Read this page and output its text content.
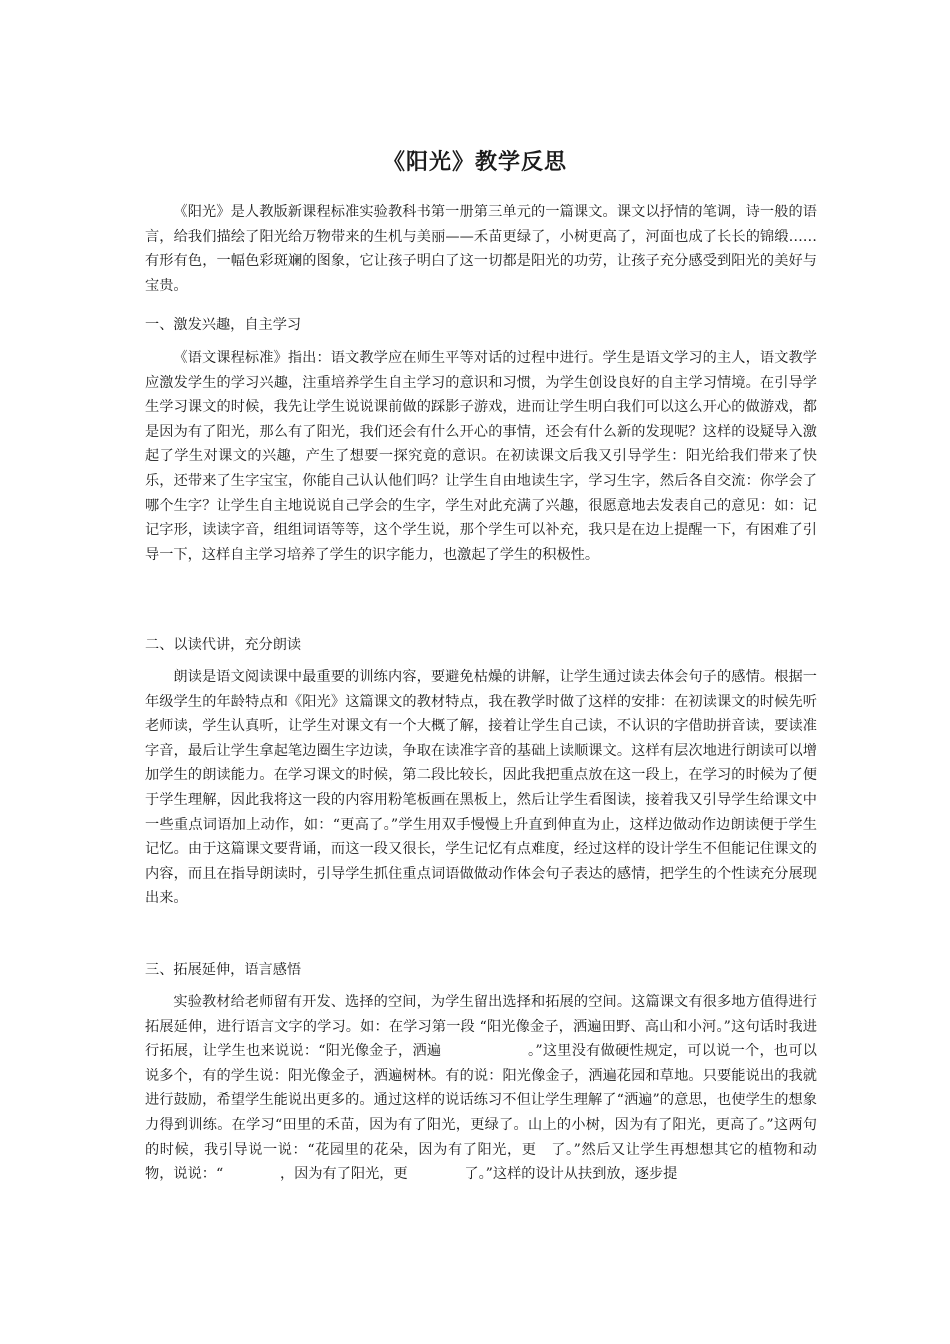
《阳光》教学反思

《阳光》是人教版新课程标准实验教科书第一册第三单元的一篇课文。课文以抒情的笔调，诗一般的语言，给我们描绘了阳光给万物带来的生机与美丽——禾苗更绿了，小树更高了，河面也成了长长的锦缎……有形有色，一幅色彩斑斓的图象，它让孩子明白了这一切都是阳光的功劳，让孩子充分感受到阳光的美好与宝贵。

一、激发兴趣，自主学习

《语文课程标准》指出：语文教学应在师生平等对话的过程中进行。学生是语文学习的主人，语文教学应激发学生的学习兴趣，注重培养学生自主学习的意识和习惯，为学生创设良好的自主学习情境。在引导学生学习课文的时候，我先让学生说说课前做的踩影子游戏，进而让学生明白我们可以这么开心的做游戏，都是因为有了阳光，那么有了阳光，我们还会有什么开心的事情，还会有什么新的发现呢？这样的设疑导入激起了学生对课文的兴趣，产生了想要一探究竟的意识。在初读课文后我又引导学生：阳光给我们带来了快乐，还带来了生字宝宝，你能自己认认他们吗？让学生自由地读生字，学习生字，然后各自交流：你学会了哪个生字？让学生自主地说说自己学会的生字，学生对此充满了兴趣，很愿意地去发表自己的意见：如：记记字形，读读字音，组组词语等等，这个学生说，那个学生可以补充，我只是在边上提醒一下，有困难了引导一下，这样自主学习培养了学生的识字能力，也激起了学生的积极性。

二、以读代讲，充分朗读

朗读是语文阅读课中最重要的训练内容，要避免枯燥的讲解，让学生通过读去体会句子的感情。根据一年级学生的年龄特点和《阳光》这篇课文的教材特点，我在教学时做了这样的安排：在初读课文的时候先听老师读，学生认真听，让学生对课文有一个大概了解，接着让学生自己读，不认识的字借助拼音读，要读准字音，最后让学生拿起笔边圈生字边读，争取在读准字音的基础上读顺课文。这样有层次地进行朗读可以增加学生的朗读能力。在学习课文的时候，第二段比较长，因此我把重点放在这一段上，在学习的时候为了便于学生理解，因此我将这一段的内容用粉笔板画在黑板上，然后让学生看图读，接着我又引导学生给课文中一些重点词语加上动作，如：“更高了。”学生用双手慢慢上升直到伸直为止，这样边做动作边朗读便于学生记忆。由于这篇课文要背诵，而这一段又很长，学生记忆有点难度，经过这样的设计学生不但能记住课文的内容，而且在指导朗读时，引导学生抓住重点词语做做动作体会句子表达的感情，把学生的个性读充分展现出来。

三、拓展延伸，语言感悟

实验教材给老师留有开发、选择的空间，为学生留出选择和拓展的空间。这篇课文有很多地方值得进行拓展延伸，进行语言文字的学习。如：在学习第一段 “阳光像金子，洒遍田野、高山和小河。”这句话时我进行拓展，让学生也来说说：“阳光像金子，洒遍　　　　　　。”这里没有做硬性规定，可以说一个，也可以说多个，有的学生说：阳光像金子，洒遍树林。有的说：阳光像金子，洒遍花园和草地。只要能说出的我就进行鼓励，希望学生能说出更多的。通过这样的说话练习不但让学生理解了“洒遍”的意思，也使学生的想象力得到训练。在学习“田里的禾苗，因为有了阳光，更绿了。山上的小树，因为有了阳光，更高了。”这两句的时候，我引导说一说：“花园里的花朵，因为有了阳光，更　了。”然后又让学生再想想其它的植物和动物，说说：“　　　　，因为有了阳光，更　　　　了。”这样的设计从扶到放，逐步提
